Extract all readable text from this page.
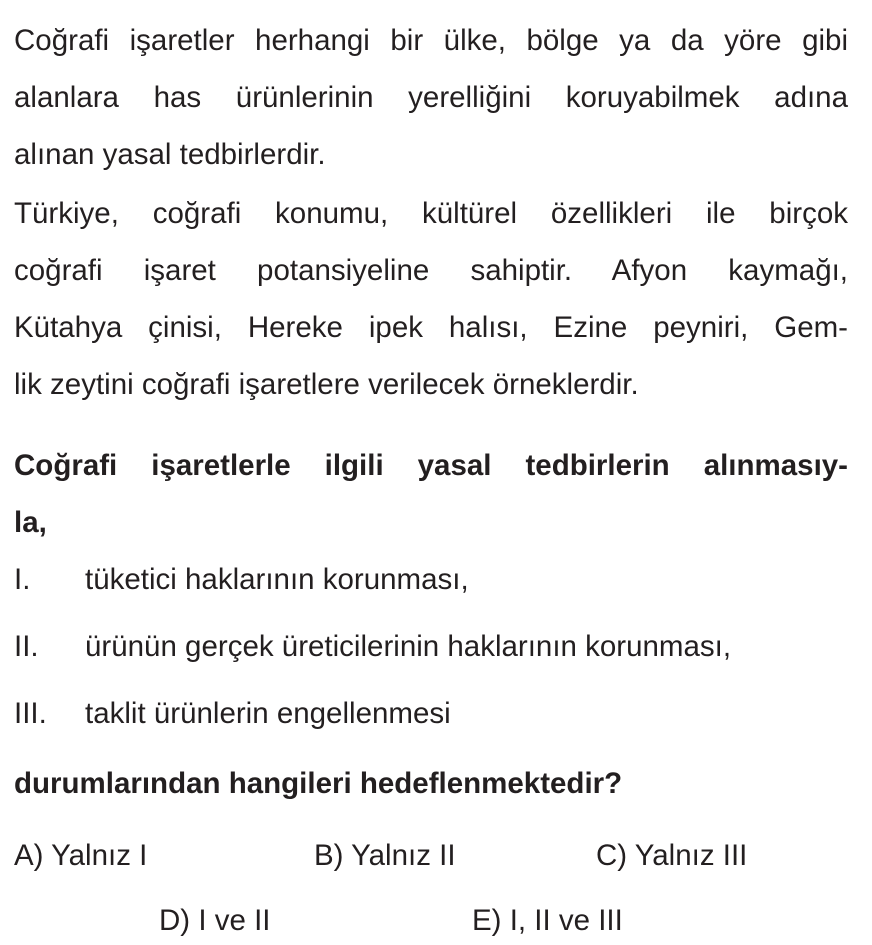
Coğrafi işaretler herhangi bir ülke, bölge ya da yöre gibi
alanlara has ürünlerinin yerelliğini koruyabilmek adına
alınan yasal tedbirlerdir.
Türkiye, coğrafi konumu, kültürel özellikleri ile birçok
coğrafi işaret potansiyeline sahiptir. Afyon kaymağı,
Kütahya çinisi, Hereke ipek halısı, Ezine peyniri, Gem-
lik zeytini coğrafi işaretlere verilecek örneklerdir.
Coğrafi işaretlerle ilgili yasal tedbirlerin alınmasıy-
la,
I. tüketici haklarının korunması,
II. ürünün gerçek üreticilerinin haklarının korunması,
III. taklit ürünlerin engellenmesi
durumlarından hangileri hedeflenmektedir?
A) Yalnız I	B) Yalnız II	C) Yalnız III
D) I ve II	E) I, II ve III
